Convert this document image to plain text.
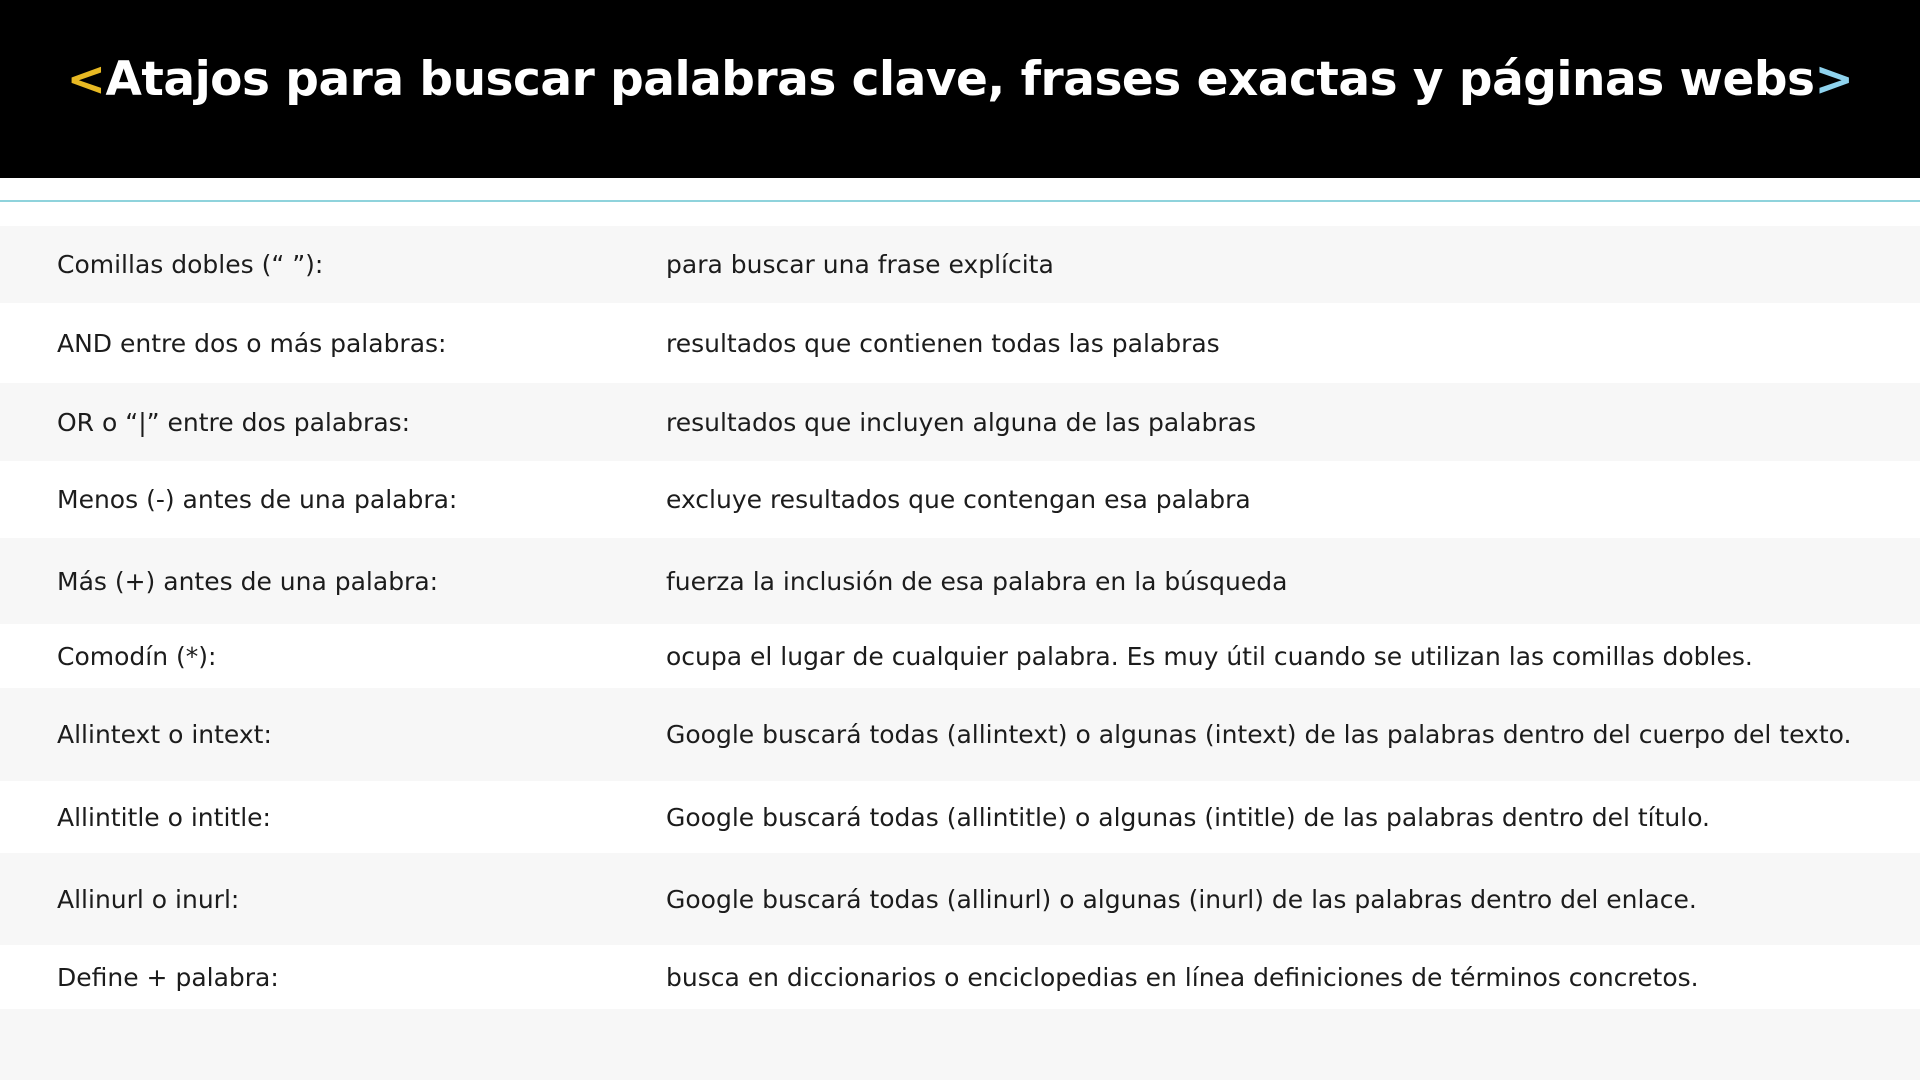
<Atajos para buscar palabras clave, frases exactas y páginas webs>
Comillas dobles (“ ”):	para buscar una frase explícita
AND entre dos o más palabras:	resultados que contienen todas las palabras
OR o “|” entre dos palabras:	resultados que incluyen alguna de las palabras
Menos (-) antes de una palabra:	excluye resultados que contengan esa palabra
Más (+) antes de una palabra:	fuerza la inclusión de esa palabra en la búsqueda
Comodín (*):	ocupa el lugar de cualquier palabra. Es muy útil cuando se utilizan las comillas dobles.
Allintext o intext:	Google buscará todas (allintext) o algunas (intext) de las palabras dentro del cuerpo del texto.
Allintitle o intitle:	Google buscará todas (allintitle) o algunas (intitle) de las palabras dentro del título.
Allinurl o inurl:	Google buscará todas (allinurl) o algunas (inurl) de las palabras dentro del enlace.
Define + palabra:	busca en diccionarios o enciclopedias en línea definiciones de términos concretos.
